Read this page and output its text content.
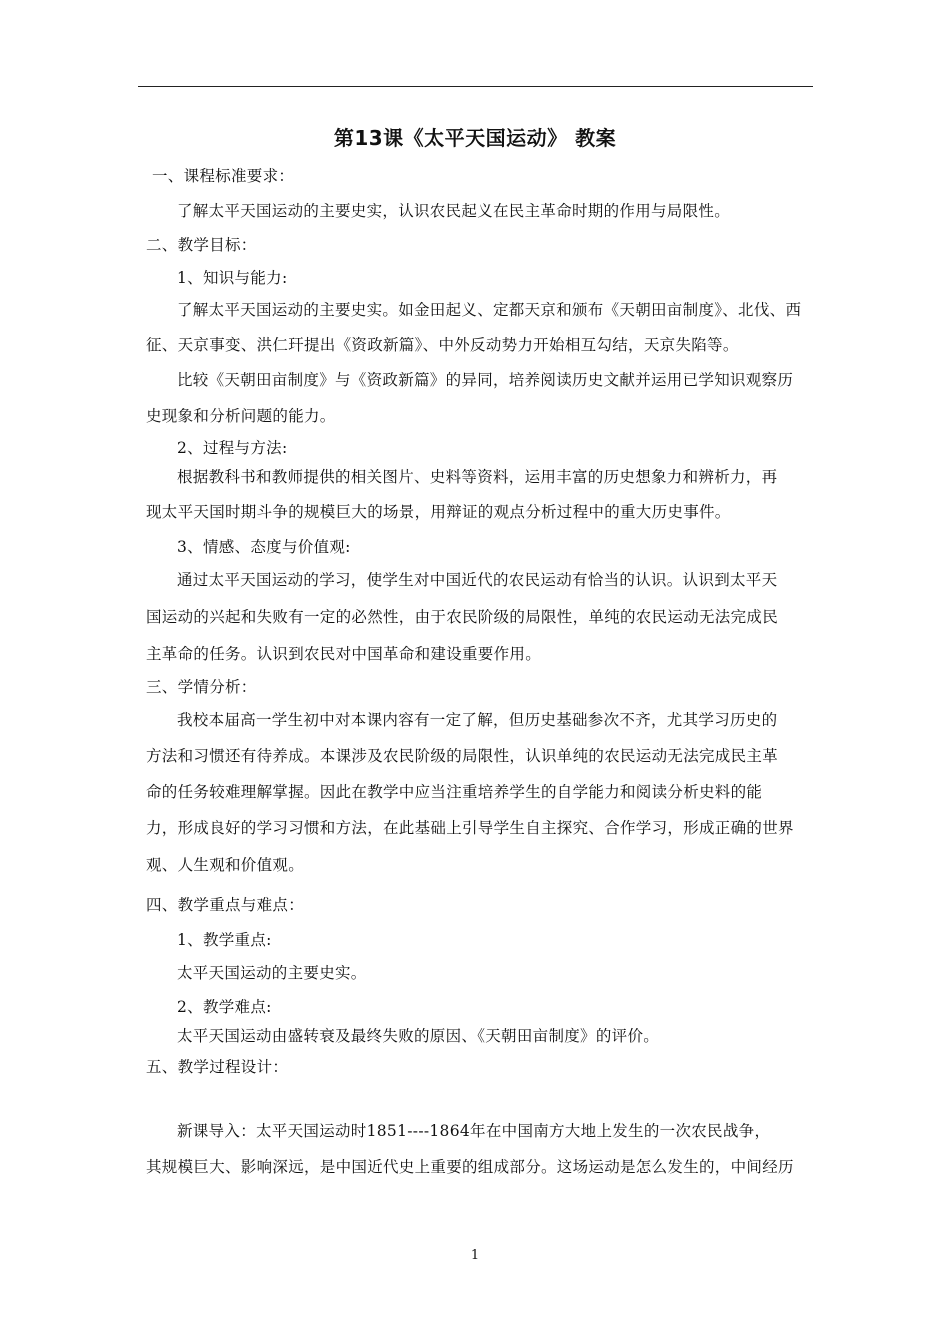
第13课《太平天国运动》 教案
一、课程标准要求：
了解太平天国运动的主要史实，认识农民起义在民主革命时期的作用与局限性。
二、教学目标：
1、知识与能力:
了解太平天国运动的主要史实。如金田起义、定都天京和颁布《天朝田亩制度》、北伐、西
征、天京事变、洪仁玕提出《资政新篇》、中外反动势力开始相互勾结，天京失陷等。
比较《天朝田亩制度》与《资政新篇》的异同，培养阅读历史文献并运用已学知识观察历
史现象和分析问题的能力。
2、过程与方法:
根据教科书和教师提供的相关图片、史料等资料，运用丰富的历史想象力和辨析力，再
现太平天国时期斗争的规模巨大的场景，用辩证的观点分析过程中的重大历史事件。
3、情感、态度与价值观:
通过太平天国运动的学习，使学生对中国近代的农民运动有恰当的认识。认识到太平天
国运动的兴起和失败有一定的必然性，由于农民阶级的局限性，单纯的农民运动无法完成民
主革命的任务。认识到农民对中国革命和建设重要作用。
三、学情分析：
我校本届高一学生初中对本课内容有一定了解，但历史基础参次不齐，尤其学习历史的
方法和习惯还有待养成。本课涉及农民阶级的局限性，认识单纯的农民运动无法完成民主革
命的任务较难理解掌握。因此在教学中应当注重培养学生的自学能力和阅读分析史料的能
力，形成良好的学习习惯和方法，在此基础上引导学生自主探究、合作学习，形成正确的世界
观、人生观和价值观。
四、教学重点与难点：
1、教学重点:
太平天国运动的主要史实。
2、教学难点:
太平天国运动由盛转衰及最终失败的原因、《天朝田亩制度》的评价。
五、教学过程设计：
新课导入：太平天国运动时1851----1864年在中国南方大地上发生的一次农民战争，
其规模巨大、影响深远，是中国近代史上重要的组成部分。这场运动是怎么发生的，中间经历
1
